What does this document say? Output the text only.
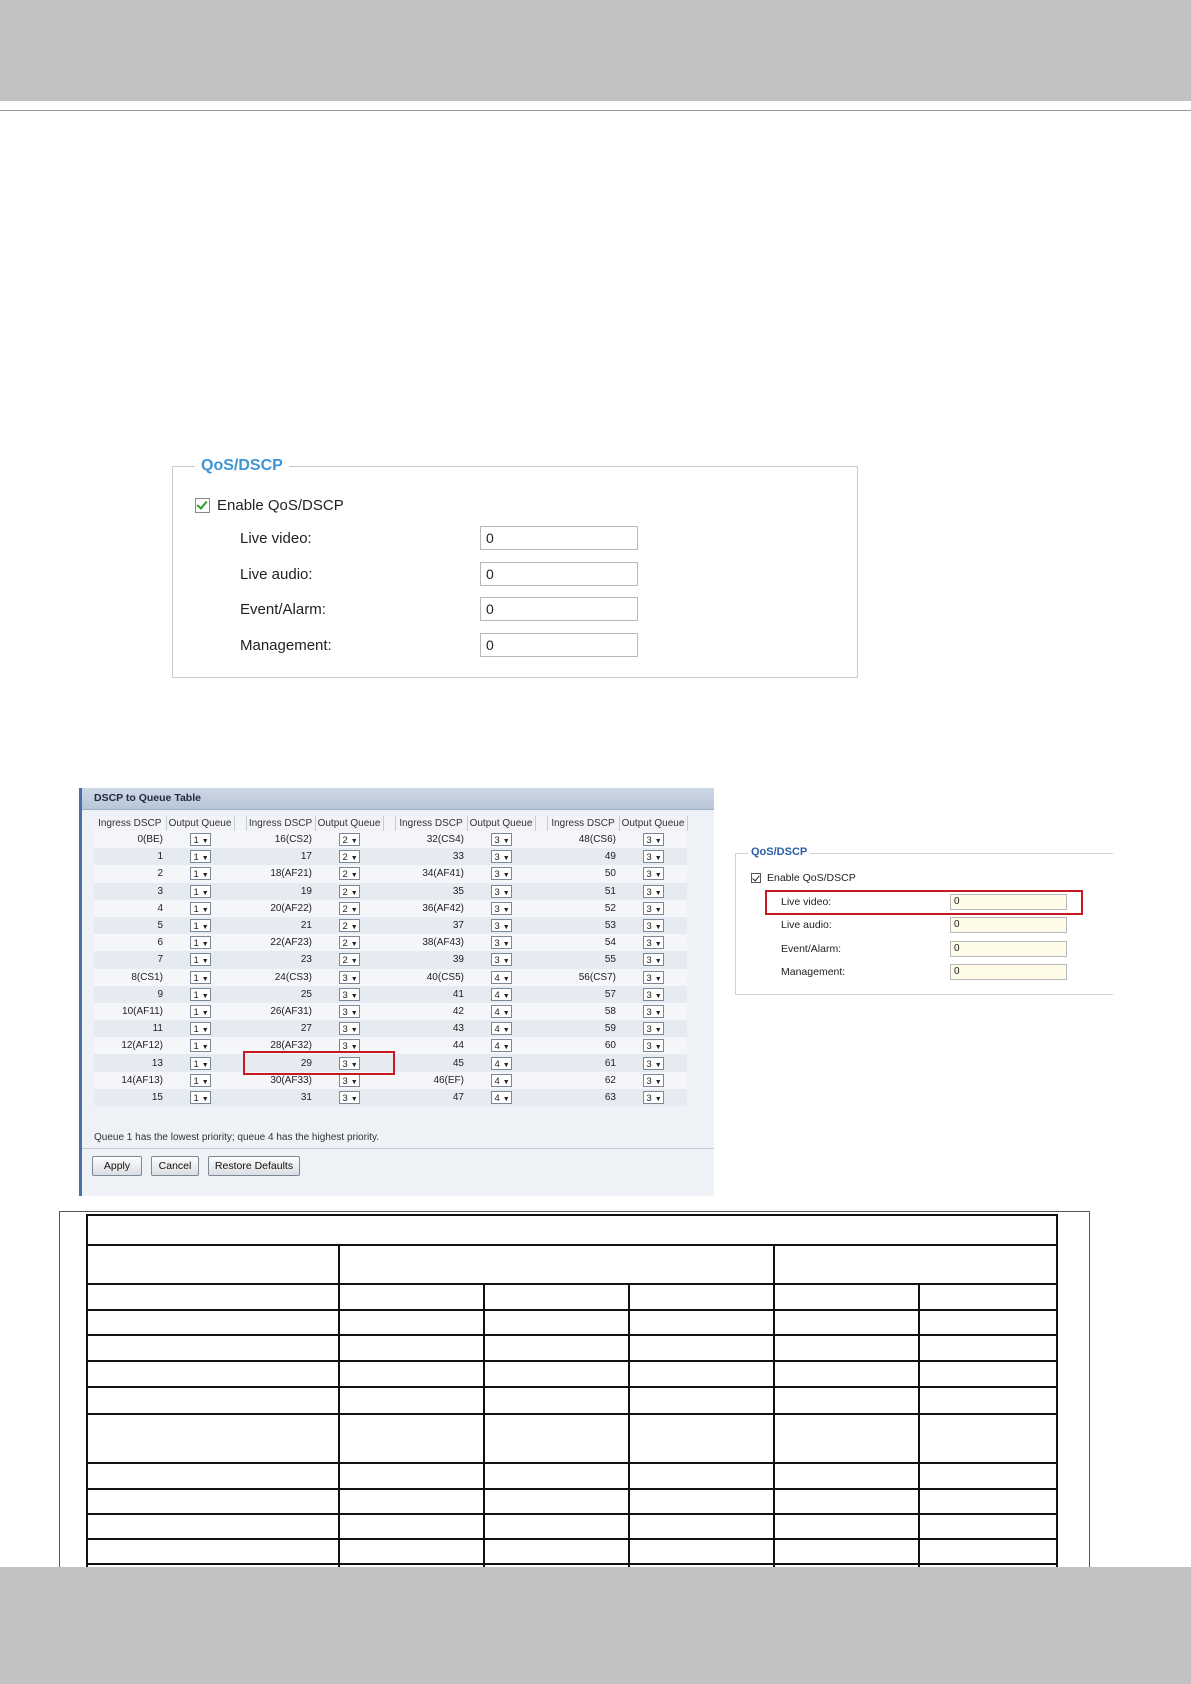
QoS/DSCP
Enable QoS/DSCP
Live video:	0
Live audio:	0
Event/Alarm:	0
Management:	0
DSCP to Queue Table
Ingress DSCP	Output Queue		Ingress DSCP	Output Queue		Ingress DSCP	Output Queue		Ingress DSCP	Output Queue
0(BE)	1 ▼		16(CS2)	2 ▼		32(CS4)	3 ▼		48(CS6)	3 ▼
1	1 ▼		17	2 ▼		33	3 ▼		49	3 ▼
2	1 ▼		18(AF21)	2 ▼		34(AF41)	3 ▼		50	3 ▼
3	1 ▼		19	2 ▼		35	3 ▼		51	3 ▼
4	1 ▼		20(AF22)	2 ▼		36(AF42)	3 ▼		52	3 ▼
5	1 ▼		21	2 ▼		37	3 ▼		53	3 ▼
6	1 ▼		22(AF23)	2 ▼		38(AF43)	3 ▼		54	3 ▼
7	1 ▼		23	2 ▼		39	3 ▼		55	3 ▼
8(CS1)	1 ▼		24(CS3)	3 ▼		40(CS5)	4 ▼		56(CS7)	3 ▼
9	1 ▼		25	3 ▼		41	4 ▼		57	3 ▼
10(AF11)	1 ▼		26(AF31)	3 ▼		42	4 ▼		58	3 ▼
11	1 ▼		27	3 ▼		43	4 ▼		59	3 ▼
12(AF12)	1 ▼		28(AF32)	3 ▼		44	4 ▼		60	3 ▼
13	1 ▼		29	3 ▼		45	4 ▼		61	3 ▼
14(AF13)	1 ▼		30(AF33)	3 ▼		46(EF)	4 ▼		62	3 ▼
15	1 ▼		31	3 ▼		47	4 ▼		63	3 ▼
Queue 1 has the lowest priority; queue 4 has the highest priority.
Apply	Cancel	Restore Defaults
QoS/DSCP
Enable QoS/DSCP
Live video:	0
Live audio:	0
Event/Alarm:	0
Management:	0
